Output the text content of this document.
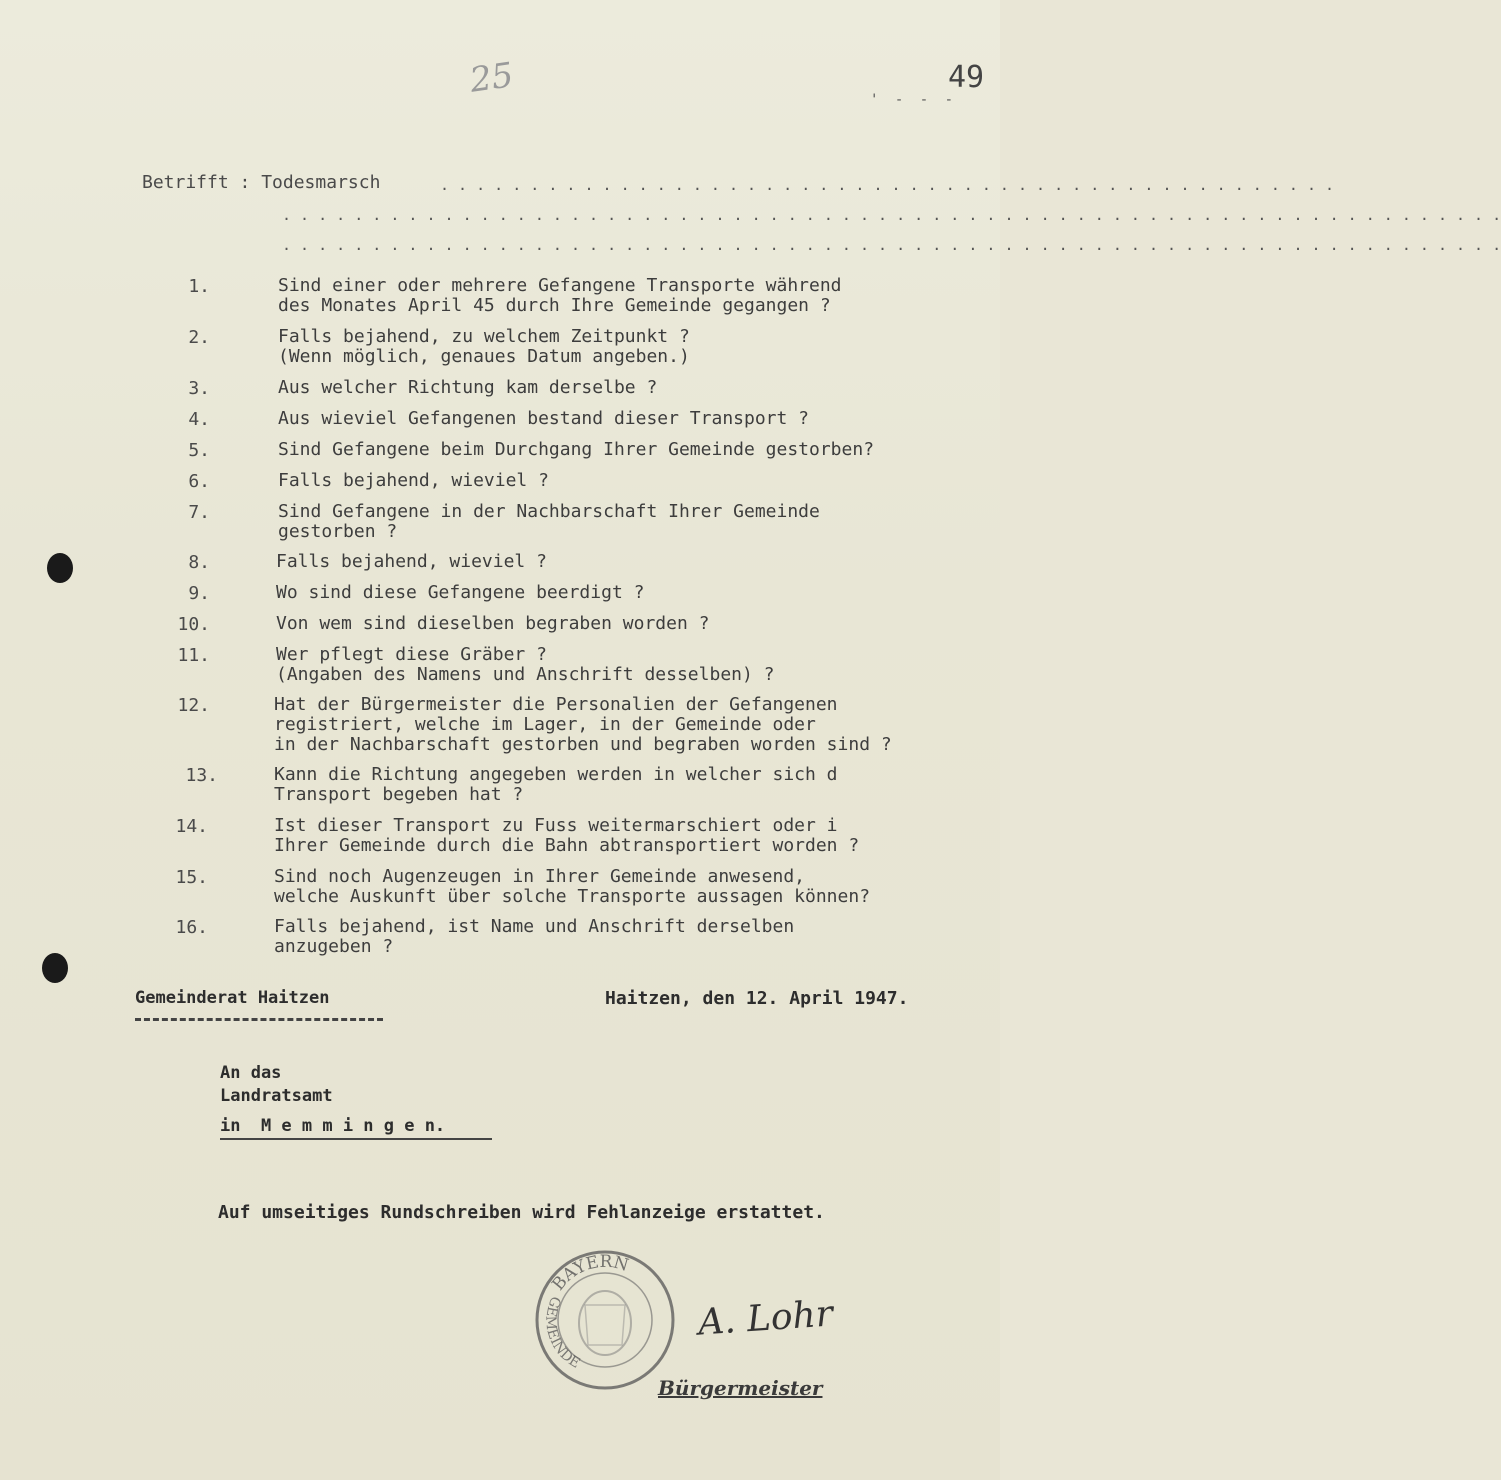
25	49
' - - -
Betrifft : Todesmarsch	. . . . . . . . . . . . . . . . . . . . . . . . . . . . . . . . . . . . . . . . . . . . . . . . . .
. . . . . . . . . . . . . . . . . . . . . . . . . . . . . . . . . . . . . . . . . . . . . . . . . . . . . . . . . . . . . . . . . . . .
. . . . . . . . . . . . . . . . . . . . . . . . . . . . . . . . . . . . . . . . . . . . . . . . . . . . . . . . . . . . . . . . . . . .
1.	Sind einer oder mehrere Gefangene Transporte während
des Monates April 45 durch Ihre Gemeinde gegangen ?
2.	Falls bejahend, zu welchem Zeitpunkt ?
(Wenn möglich, genaues Datum angeben.)
3.	Aus welcher Richtung kam derselbe ?
4.	Aus wieviel Gefangenen bestand dieser Transport ?
5.	Sind Gefangene beim Durchgang Ihrer Gemeinde gestorben?
6.	Falls bejahend, wieviel ?
7.	Sind Gefangene in der Nachbarschaft Ihrer Gemeinde
gestorben ?
8.	Falls bejahend, wieviel ?
9.	Wo sind diese Gefangene beerdigt ?
10.	Von wem sind dieselben begraben worden ?
11.	Wer pflegt diese Gräber ?
(Angaben des Namens und Anschrift desselben) ?
12.	Hat der Bürgermeister die Personalien der Gefangenen
registriert, welche im Lager, in der Gemeinde oder
in der Nachbarschaft gestorben und begraben worden sind ?
13.	Kann die Richtung angegeben werden in welcher sich d
Transport begeben hat ?
14.	Ist dieser Transport zu Fuss weitermarschiert oder i
Ihrer Gemeinde durch die Bahn abtransportiert worden ?
15.	Sind noch Augenzeugen in Ihrer Gemeinde anwesend,
welche Auskunft über solche Transporte aussagen können?
16.	Falls bejahend, ist Name und Anschrift derselben
anzugeben ?
Gemeinderat Haitzen	Haitzen, den 12. April 1947.
An das
Landratsamt
in  M e m m i n g e n.
Auf umseitiges Rundschreiben wird Fehlanzeige erstattet.
BAYERN
GEMEINDE
A. Lohr
Bürgermeister
